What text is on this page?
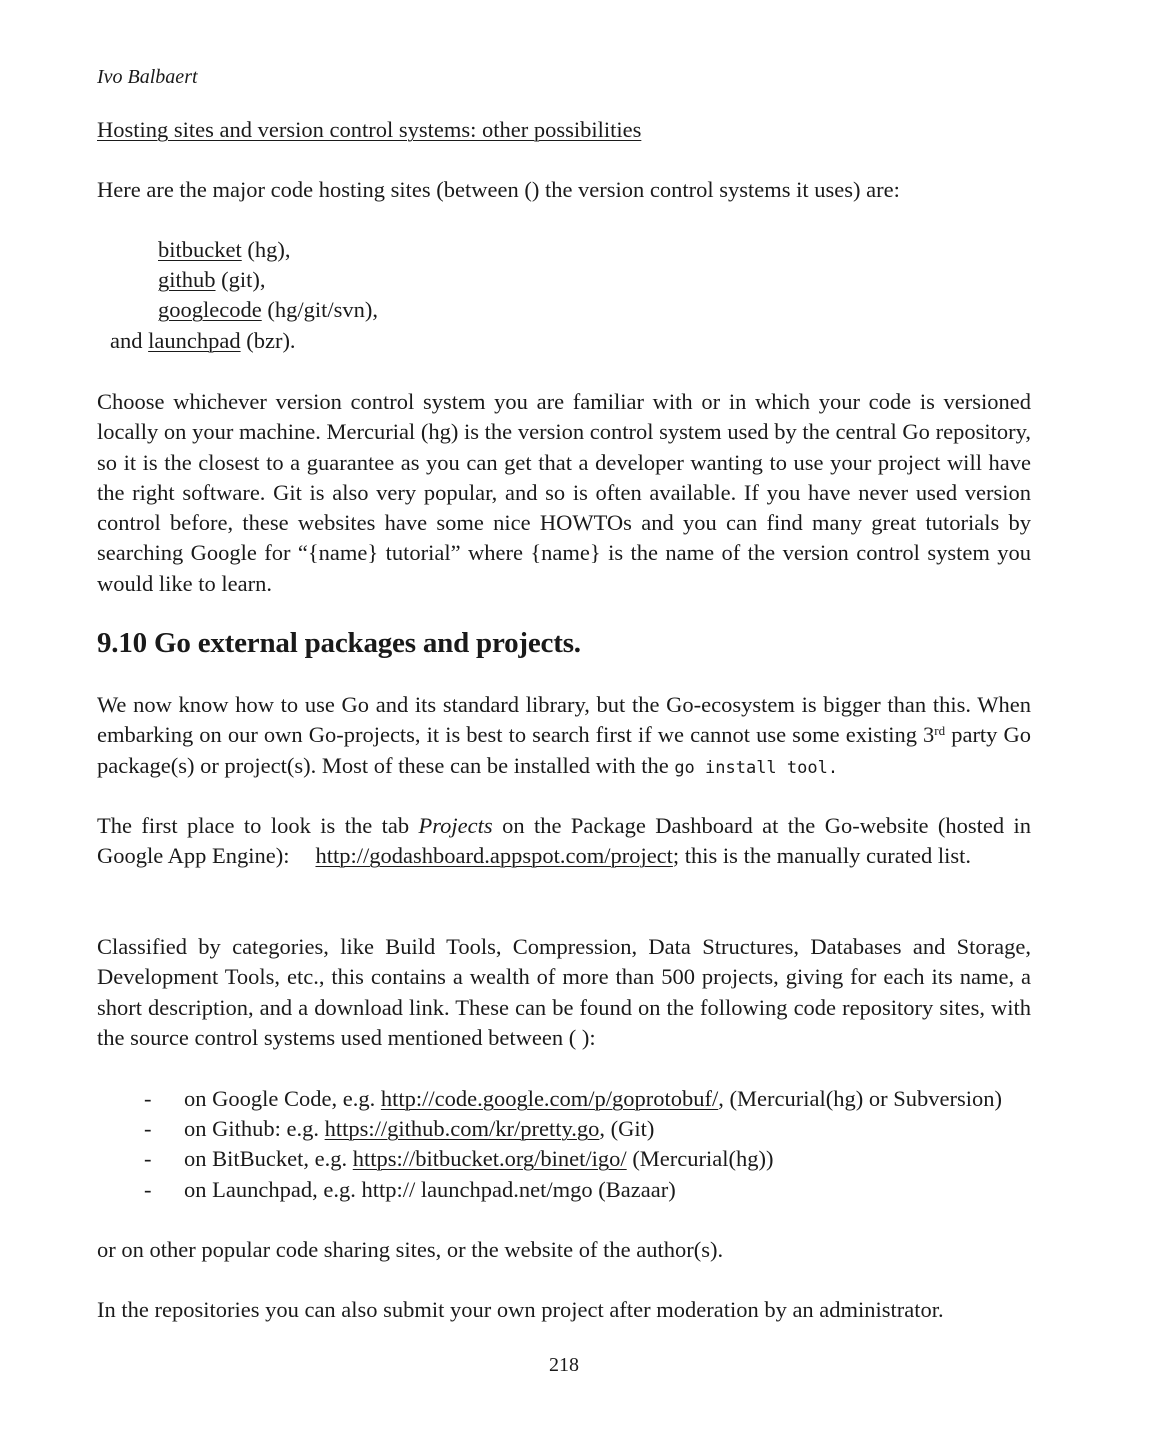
Ivo Balbaert
Hosting sites and version control systems: other possibilities
Here are the major code hosting sites (between () the version control systems it uses) are:
bitbucket (hg),
github (git),
googlecode (hg/git/svn),
and launchpad (bzr).

Choose whichever version control system you are familiar with or in which your code is versioned locally on your machine. Mercurial (hg) is the version control system used by the central Go repository, so it is the closest to a guarantee as you can get that a developer wanting to use your project will have the right software. Git is also very popular, and so is often available. If you have never used version control before, these websites have some nice HOWTOs and you can find many great tutorials by searching Google for “{name} tutorial” where {name} is the name of the version control system you would like to learn.

9.10 Go external packages and projects.

We now know how to use Go and its standard library, but the Go-ecosystem is bigger than this. When embarking on our own Go-projects, it is best to search first if we cannot use some existing 3rd party Go package(s) or project(s). Most of these can be installed with the go install tool.

The first place to look is the tab Projects on the Package Dashboard at the Go-website (hosted in Google App Engine): http://godashboard.appspot.com/project; this is the manually curated list.

Classified by categories, like Build Tools, Compression, Data Structures, Databases and Storage, Development Tools, etc., this contains a wealth of more than 500 projects, giving for each its name, a short description, and a download link. These can be found on the following code repository sites, with the source control systems used mentioned between ( ):

- on Google Code, e.g. http://code.google.com/p/goprotobuf/, (Mercurial(hg) or Subversion)
- on Github: e.g. https://github.com/kr/pretty.go, (Git)
- on BitBucket, e.g. https://bitbucket.org/binet/igo/ (Mercurial(hg))
- on Launchpad, e.g. http:// launchpad.net/mgo (Bazaar)

or on other popular code sharing sites, or the website of the author(s).

In the repositories you can also submit your own project after moderation by an administrator.

218
